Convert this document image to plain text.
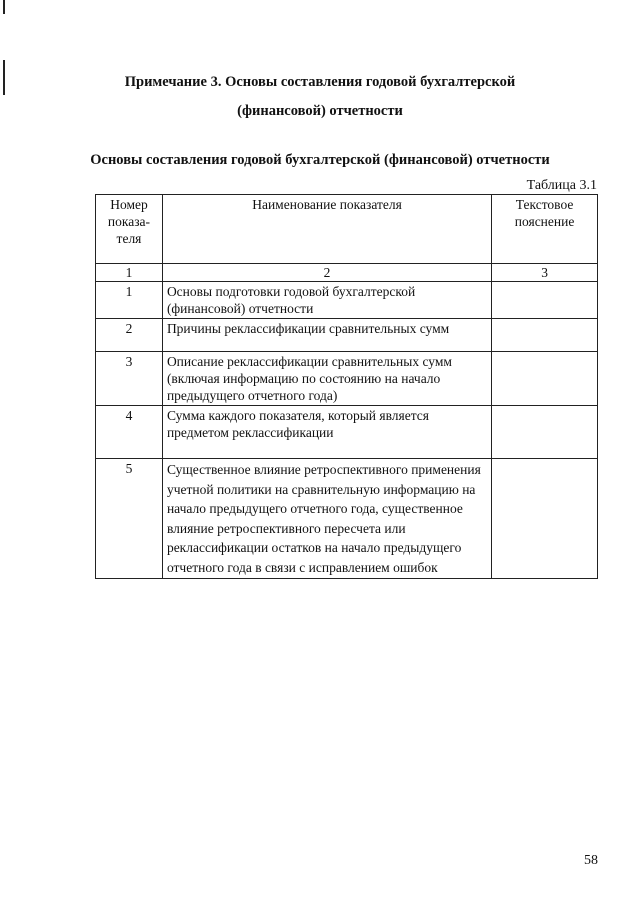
Примечание 3. Основы составления годовой бухгалтерской
(финансовой) отчетности
Основы составления годовой бухгалтерской (финансовой) отчетности
Таблица 3.1
Номер показа-теля	Наименование показателя	Текстовое пояснение
1	2	3
1	Основы подготовки годовой бухгалтерской (финансовой) отчетности	
2	Причины реклассификации сравнительных сумм	
3	Описание реклассификации сравнительных сумм (включая информацию по состоянию на начало предыдущего отчетного года)	
4	Сумма каждого показателя, который является предметом реклассификации	
5	Существенное влияние ретроспективного применения учетной политики на сравнительную информацию на начало предыдущего отчетного года, существенное влияние ретроспективного пересчета или реклассификации остатков на начало предыдущего отчетного года в связи с исправлением ошибок	
58
